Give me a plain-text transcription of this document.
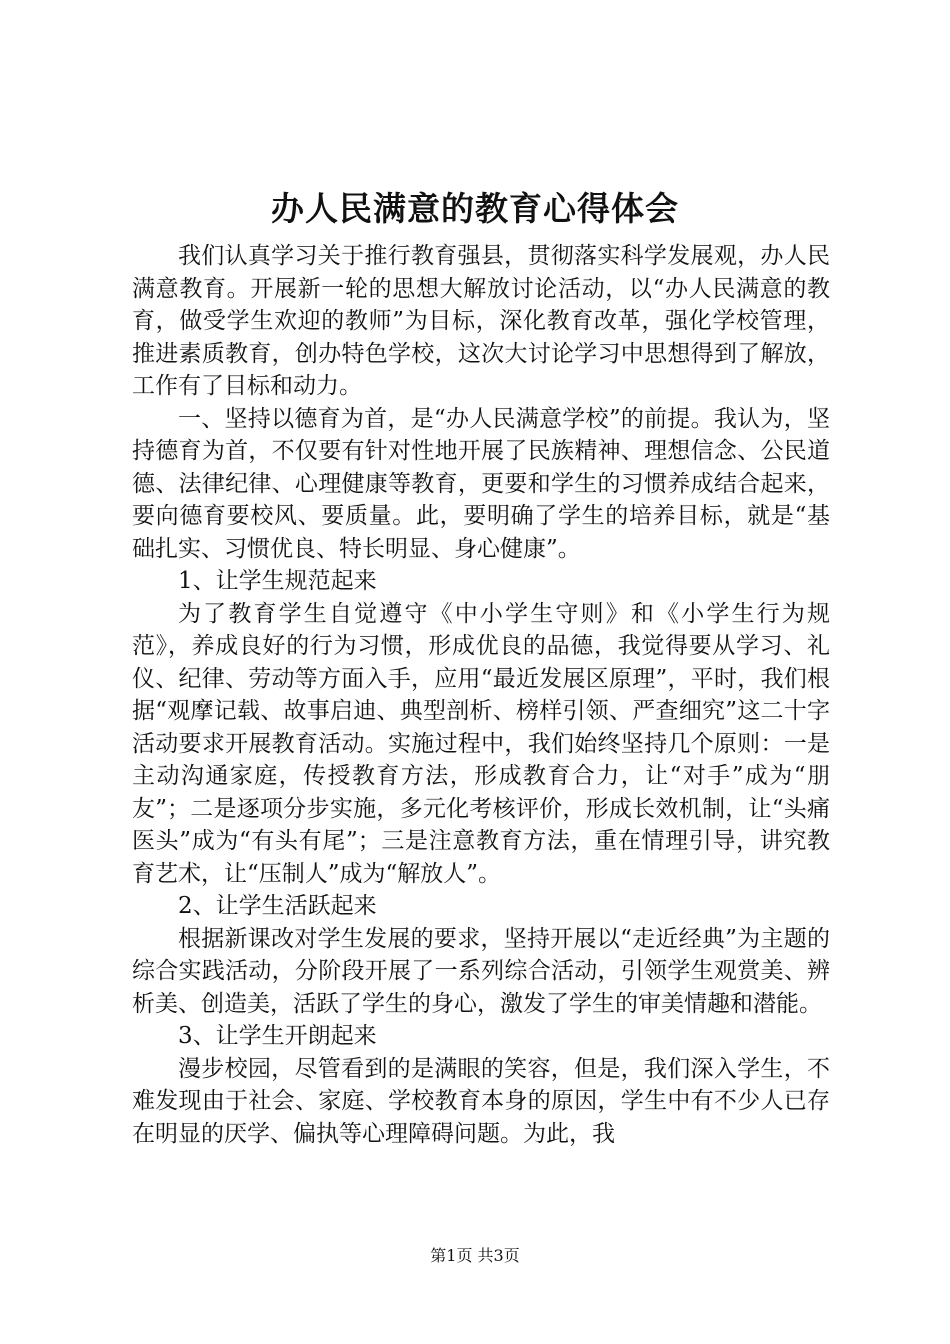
办人民满意的教育心得体会

我们认真学习关于推行教育强县，贯彻落实科学发展观，办人民满意教育。开展新一轮的思想大解放讨论活动，以“办人民满意的教育，做受学生欢迎的教师”为目标，深化教育改革，强化学校管理，推进素质教育，创办特色学校，这次大讨论学习中思想得到了解放，工作有了目标和动力。

一、坚持以德育为首，是“办人民满意学校”的前提。我认为，坚持德育为首，不仅要有针对性地开展了民族精神、理想信念、公民道德、法律纪律、心理健康等教育，更要和学生的习惯养成结合起来，要向德育要校风、要质量。此，要明确了学生的培养目标，就是“基础扎实、习惯优良、特长明显、身心健康”。

1、让学生规范起来

为了教育学生自觉遵守《中小学生守则》和《小学生行为规范》，养成良好的行为习惯，形成优良的品德，我觉得要从学习、礼仪、纪律、劳动等方面入手，应用“最近发展区原理”，平时，我们根据“观摩记载、故事启迪、典型剖析、榜样引领、严查细究”这二十字活动要求开展教育活动。实施过程中，我们始终坚持几个原则：一是主动沟通家庭，传授教育方法，形成教育合力，让“对手”成为“朋友”；二是逐项分步实施，多元化考核评价，形成长效机制，让“头痛医头”成为“有头有尾”；三是注意教育方法，重在情理引导，讲究教育艺术，让“压制人”成为“解放人”。

2、让学生活跃起来

根据新课改对学生发展的要求，坚持开展以“走近经典”为主题的综合实践活动，分阶段开展了一系列综合活动，引领学生观赏美、辨析美、创造美，活跃了学生的身心，激发了学生的审美情趣和潜能。

3、让学生开朗起来

漫步校园，尽管看到的是满眼的笑容，但是，我们深入学生，不难发现由于社会、家庭、学校教育本身的原因，学生中有不少人已存在明显的厌学、偏执等心理障碍问题。为此，我

第1页 共3页
